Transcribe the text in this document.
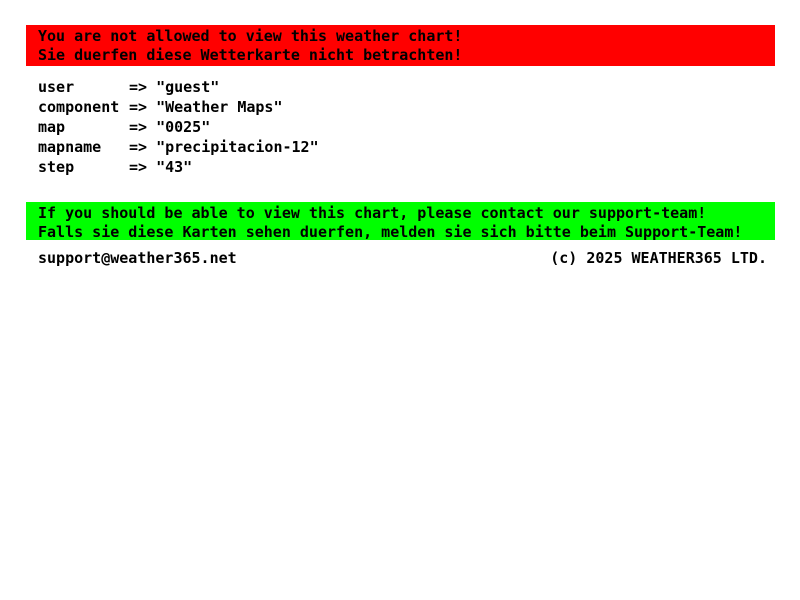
You are not allowed to view this weather chart!
Sie duerfen diese Wetterkarte nicht betrachten!
user	=> "guest"
component => "Weather Maps"
map	=> "0025"
mapname => "precipitacion-12"
step	=> "43"
If you should be able to view this chart, please contact our support-team!
Falls sie diese Karten sehen duerfen, melden sie sich bitte beim Support-Team!
support@weather365.net	(c) 2025 WEATHER365 LTD.
